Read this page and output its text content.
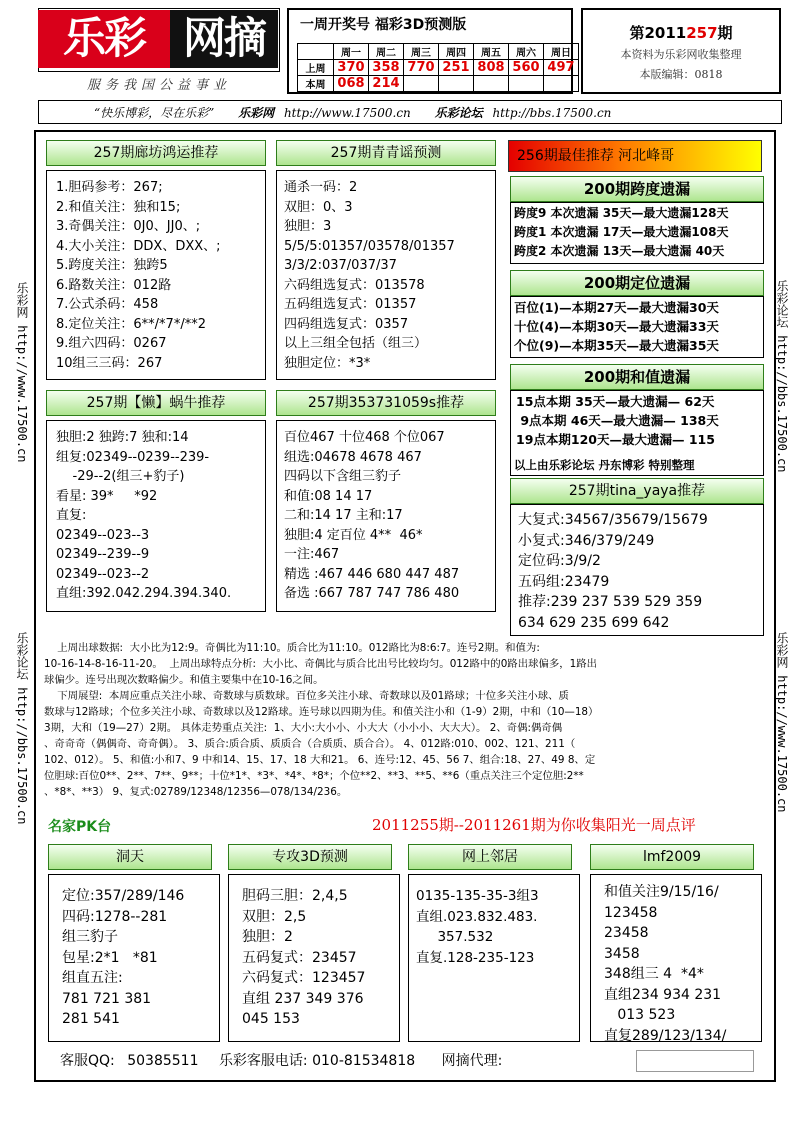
乐彩 网摘
服务我国公益事业
一周开奖号 福彩3D预测版
	周一	周二	周三	周四	周五	周六	周日
上周	370	358	770	251	808	560	497
本周	068	214					
第2011257期
本资料为乐彩网收集整理
本版编辑：0818
“快乐博彩，尽在乐彩” 乐彩网 http://www.17500.cn 乐彩论坛 http://bbs.17500.cn
乐彩网 http://www.17500.cn
乐彩论坛 http://bbs.17500.cn
乐彩论坛 http://bbs.17500.cn
乐彩网 http://www.17500.cn
257期廊坊鸿运推荐
1.胆码参考：267;
2.和值关注：独和15;
3.奇偶关注：0J0、JJ0、;
4.大小关注：DDX、DXX、;
5.跨度关注：独跨5
6.路数关注：012路
7.公式杀码：458
8.定位关注：6**/*7*/**2
9.组六四码：0267
10组三三码：267
257期青青谣预测
通杀一码：2
双胆：0、3
独胆：3
5/5/5:01357/03578/01357
3/3/2:037/037/37
六码组选复式：013578
五码组选复式：01357
四码组选复式：0357
以上三组全包括（组三）
独胆定位：*3*
257期【懒】蜗牛推荐
独胆:2 独跨:7 独和:14
组复:02349--0239--239-
-29--2(组三+豹子)
看星: 39*     *92
直复:
02349--023--3
02349--239--9
02349--023--2
直组:392.042.294.394.340.
257期353731059s推荐
百位467 十位468 个位067
组选:04678 4678 467
四码以下含组三豹子
和值:08 14 17
二和:14 17 主和:17
独胆:4 定百位 4**  46*
一注:467
精选 :467 446 680 447 487
备选 :667 787 747 786 480
256期最佳推荐 河北峰哥
200期跨度遗漏
跨度9 本次遗漏 35天—最大遗漏128天
跨度1 本次遗漏 17天—最大遗漏108天
跨度2 本次遗漏 13天—最大遗漏 40天
200期定位遗漏
百位(1)—本期27天—最大遗漏30天
十位(4)—本期30天—最大遗漏33天
个位(9)—本期35天—最大遗漏35天
200期和值遗漏
15点本期 35天—最大遗漏— 62天
9点本期 46天—最大遗漏— 138天
19点本期120天—最大遗漏— 115
以上由乐彩论坛 丹东博彩 特别整理
257期tina_yaya推荐
大复式:34567/35679/15679
小复式:346/379/249
定位码:3/9/2
五码组:23479
推荐:239 237 539 529 359
634 629 235 699 642
上周出球数据:  大小比为12:9。奇偶比为11:10。质合比为11:10。012路比为8:6:7。连号2期。和值为:
10-16-14-8-16-11-20。  上周出球特点分析:  大小比、奇偶比与质合比出号比较均匀。012路中的0路出球偏多，1路出
球偏少。连号出现次数略偏少。和值主要集中在10-16之间。
下周展望:  本周应重点关注小球、奇数球与质数球。百位多关注小球、奇数球以及01路球；十位多关注小球、质
数球与12路球；个位多关注小球、奇数球以及12路球。连号球以四期为佳。和值关注小和（1-9）2期，中和（10—18）
3期，大和（19—27）2期。 具体走势重点关注:  1、大小:大小小、小大大（小小小、大大大）。 2、奇偶:偶奇偶
、奇奇奇（偶偶奇、奇奇偶）。 3、质合:质合质、质质合（合质质、质合合）。 4、012路:010、002、121、211（
102、012）。 5、和值:小和7、9 中和14、15、17、18 大和21。 6、连号:12、45、56 7、组合:18、27、49 8、定
位胆球:百位0**、2**、7**、9**；十位*1*、*3*、*4*、*8*；个位**2、**3、**5、**6（重点关注三个定位胆:2**
、*8*、**3） 9、复式:02789/12348/12356—078/134/236。
名家PK台	2011255期--2011261期为你收集阳光一周点评
洞天
定位:357/289/146
四码:1278--281
组三豹子
包星:2*1   *81
组直五注:
781 721 381
281 541
专攻3D预测
胆码三胆：2,4,5
双胆：2,5
独胆：2
五码复式：23457
六码复式：123457
直组 237 349 376
045 153
网上邻居
0135-135-35-3组3
直组.023.832.483.
357.532
直复.128-235-123
lmf2009
和值关注9/15/16/
123458
23458
3458
348组三 4  *4*
直组234 934 231
013 523
直复289/123/134/
客服QQ: 50385511 乐彩客服电话: 010-81534818 网摘代理:
